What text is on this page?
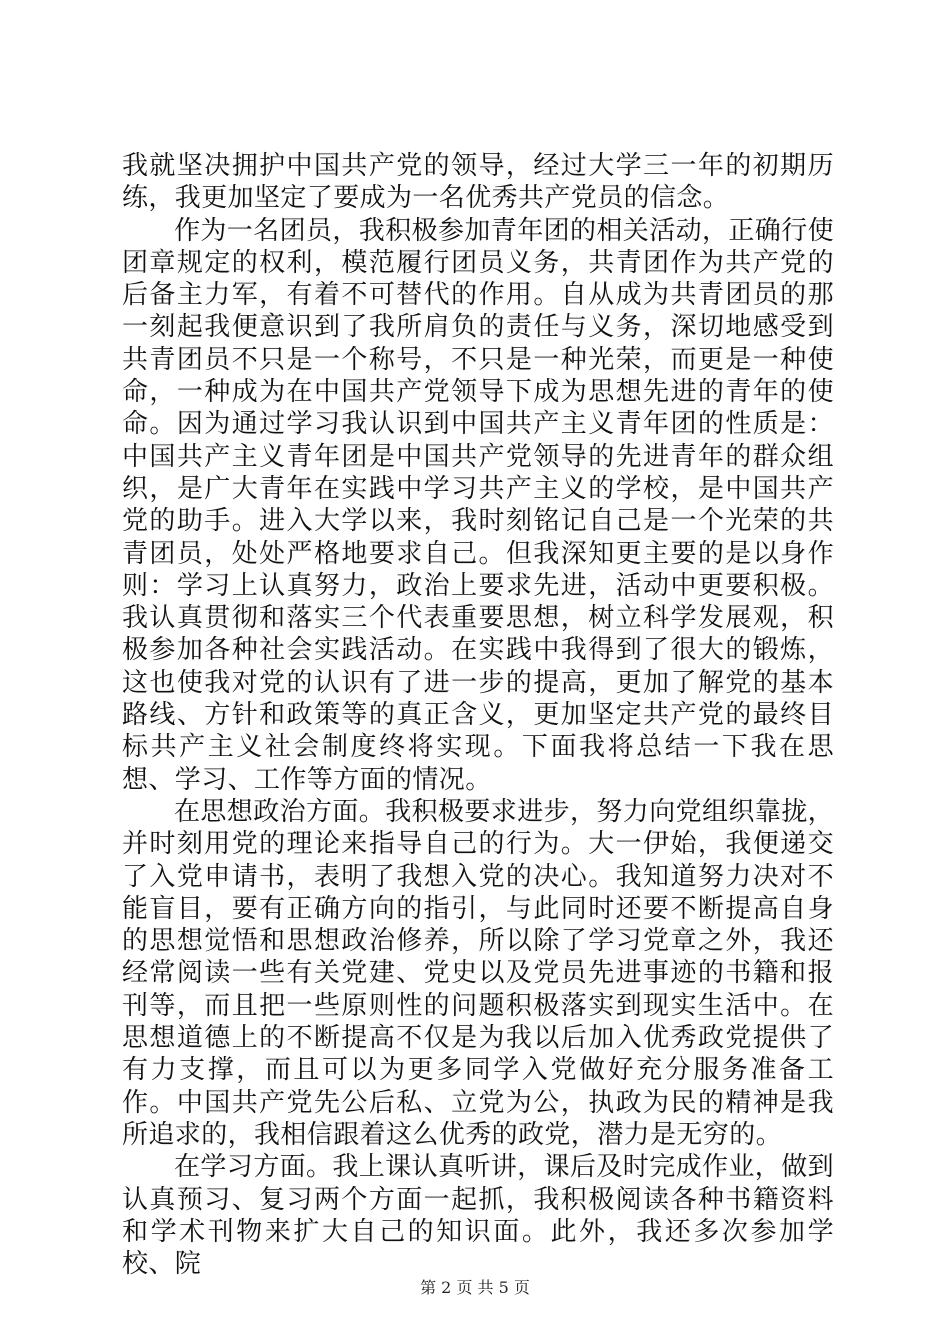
我就坚决拥护中国共产党的领导，经过大学三一年的初期历练，我更加坚定了要成为一名优秀共产党员的信念。

作为一名团员，我积极参加青年团的相关活动，正确行使团章规定的权利，模范履行团员义务，共青团作为共产党的后备主力军，有着不可替代的作用。自从成为共青团员的那一刻起我便意识到了我所肩负的责任与义务，深切地感受到共青团员不只是一个称号，不只是一种光荣，而更是一种使命，一种成为在中国共产党领导下成为思想先进的青年的使命。因为通过学习我认识到中国共产主义青年团的性质是：中国共产主义青年团是中国共产党领导的先进青年的群众组织，是广大青年在实践中学习共产主义的学校，是中国共产党的助手。进入大学以来，我时刻铭记自己是一个光荣的共青团员，处处严格地要求自己。但我深知更主要的是以身作则：学习上认真努力，政治上要求先进，活动中更要积极。我认真贯彻和落实三个代表重要思想，树立科学发展观，积极参加各种社会实践活动。在实践中我得到了很大的锻炼，这也使我对党的认识有了进一步的提高，更加了解党的基本路线、方针和政策等的真正含义，更加坚定共产党的最终目标共产主义社会制度终将实现。下面我将总结一下我在思想、学习、工作等方面的情况。

在思想政治方面。我积极要求进步，努力向党组织靠拢，并时刻用党的理论来指导自己的行为。大一伊始，我便递交了入党申请书，表明了我想入党的决心。我知道努力决对不能盲目，要有正确方向的指引，与此同时还要不断提高自身的思想觉悟和思想政治修养，所以除了学习党章之外，我还经常阅读一些有关党建、党史以及党员先进事迹的书籍和报刊等，而且把一些原则性的问题积极落实到现实生活中。在思想道德上的不断提高不仅是为我以后加入优秀政党提供了有力支撑，而且可以为更多同学入党做好充分服务准备工作。中国共产党先公后私、立党为公，执政为民的精神是我所追求的，我相信跟着这么优秀的政党，潜力是无穷的。

在学习方面。我上课认真听讲，课后及时完成作业，做到认真预习、复习两个方面一起抓，我积极阅读各种书籍资料和学术刊物来扩大自己的知识面。此外，我还多次参加学校、院

第 2 页 共 5 页
